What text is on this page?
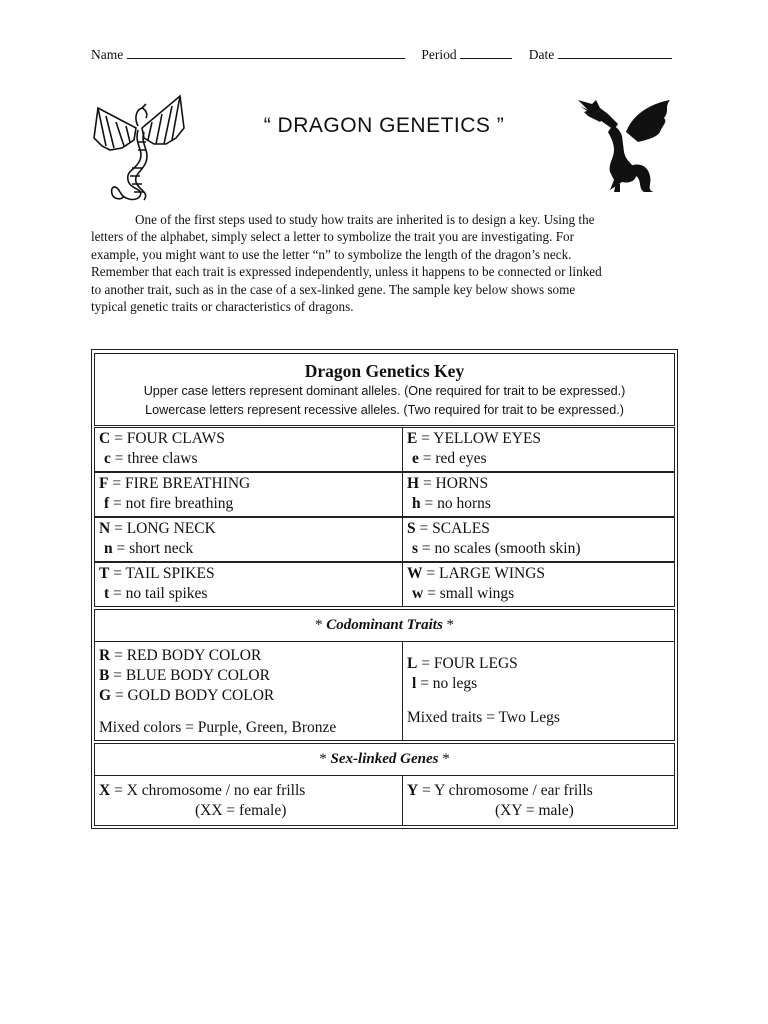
Name	Period	Date
“ DRAGON GENETICS ”
One of the first steps used to study how traits are inherited is to design a key. Using the
letters of the alphabet, simply select a letter to symbolize the trait you are investigating. For
example, you might want to use the letter “n” to symbolize the length of the dragon’s neck.
Remember that each trait is expressed independently, unless it happens to be connected or linked
to another trait, such as in the case of a sex-linked gene. The sample key below shows some
typical genetic traits or characteristics of dragons.
Dragon Genetics Key
Upper case letters represent dominant alleles. (One required for trait to be expressed.)
Lowercase letters represent recessive alleles. (Two required for trait to be expressed.)
C = FOUR CLAWS
c = three claws
E = YELLOW EYES
e = red eyes
F = FIRE BREATHING
f = not fire breathing
H = HORNS
h = no horns
N = LONG NECK
n = short neck
S = SCALES
s = no scales (smooth skin)
T = TAIL SPIKES
t = no tail spikes
W = LARGE WINGS
w = small wings
* Codominant Traits *
R = RED BODY COLOR
B = BLUE BODY COLOR
G = GOLD BODY COLOR
Mixed colors = Purple, Green, Bronze
L = FOUR LEGS
l = no legs
Mixed traits = Two Legs
* Sex-linked Genes *
X = X chromosome / no ear frills
(XX = female)
Y = Y chromosome / ear frills
(XY = male)
